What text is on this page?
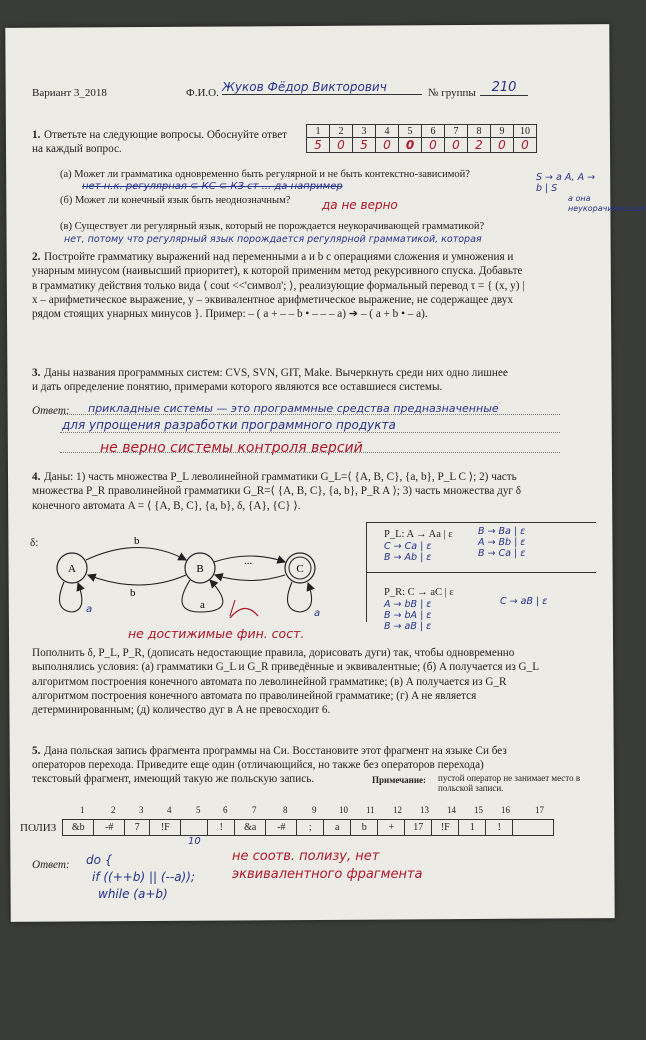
Вариант 3_2018	Ф.И.О. Жуков Фёдор Викторович	№ группы	210
1. Ответьте на следующие вопросы. Обоснуйте ответ
на каждый вопрос.
1	2	3	4	5	6	7	8	9	10
5	0	5	0	0	0	0	2	0	0
(а) Может ли грамматика одновременно быть регулярной и не быть контекстно-зависимой?
нет н.к. регулярная ⊂ КС ⊂ КЗ ст ... да например
S → a A, A → b | S
(б) Может ли конечный язык быть неоднозначным?	да не верно
(в) Существует ли регулярный язык, который не порождается неукорачивающей грамматикой?
нет, потому что регулярный язык порождается регулярной грамматикой, которая
а она неукорачивающая
2. Постройте грамматику выражений над переменными a и b с операциями сложения и умножения и
унарным минусом (наивысший приоритет), к которой применим метод рекурсивного спуска. Добавьте
в грамматику действия только вида ⟨ cout <<'символ'; ⟩, реализующие формальный перевод τ = { (x, y) |
x – арифметическое выражение, y – эквивалентное арифметическое выражение, не содержащее двух
рядом стоящих унарных минусов }. Пример: – ( a + – – b • – – – a) ➔ – ( a + b • – a).
3. Даны названия программных систем: CVS, SVN, GIT, Make. Вычеркнуть среди них одно лишнее
и дать определение понятию, примерами которого являются все оставшиеся системы.
Ответ: прикладные системы — это программные средства предназначенные
для упрощения разработки программного продукта
не верно системы контроля версий
4. Даны: 1) часть множества P_L леволинейной грамматики G_L=⟨ {A, B, C}, {a, b}, P_L C ⟩; 2) часть
множества P_R праволинейной грамматики G_R=⟨ {A, B, C}, {a, b}, P_R A ⟩; 3) часть множества дуг δ
конечного автомата A = ⟨ {A, B, C}, {a, b}, δ, {A}, {C} ⟩.
δ:
A	B	C
b
b
a
a	a
...
P_L: A → Aa | ε
C → Ca | ε
B → Ab | ε
B → Ba | ε
A → Bb | ε
B → Ca | ε
P_R: C → aC | ε
A → bB | ε
B → bA | ε
B → aB | ε
C → aB | ε
не достижимые фин. сост.
Пополнить δ, P_L, P_R, (дописать недостающие правила, дорисовать дуги) так, чтобы одновременно
выполнялись условия: (а) грамматики G_L и G_R приведённые и эквивалентные; (б) A получается из G_L
алгоритмом построения конечного автомата по леволинейной грамматике; (в) A получается из G_R
алгоритмом построения конечного автомата по праволинейной грамматике; (г) A не является
детерминированным; (д) количество дуг в A не превосходит 6.
5. Дана польская запись фрагмента программы на Си. Восстановите этот фрагмент на языке Си без
операторов перехода. Приведите еще один (отличающийся, но также без операторов перехода)
текстовый фрагмент, имеющий такую же польскую запись.	Примечание: пустой оператор не занимает место в польской записи.
1	2	3	4	5	6	7	8	9	10 11 12 13 14 15 16	17
ПОЛИЗ	&b	-#	7	!F		!	&a	-#	;	a	b	+	17	!F	1	!	
Ответ:
10
do {
if ((++b) || (--a));
while (a+b)
не соотв. полизу, нет эквивалентного фрагмента
